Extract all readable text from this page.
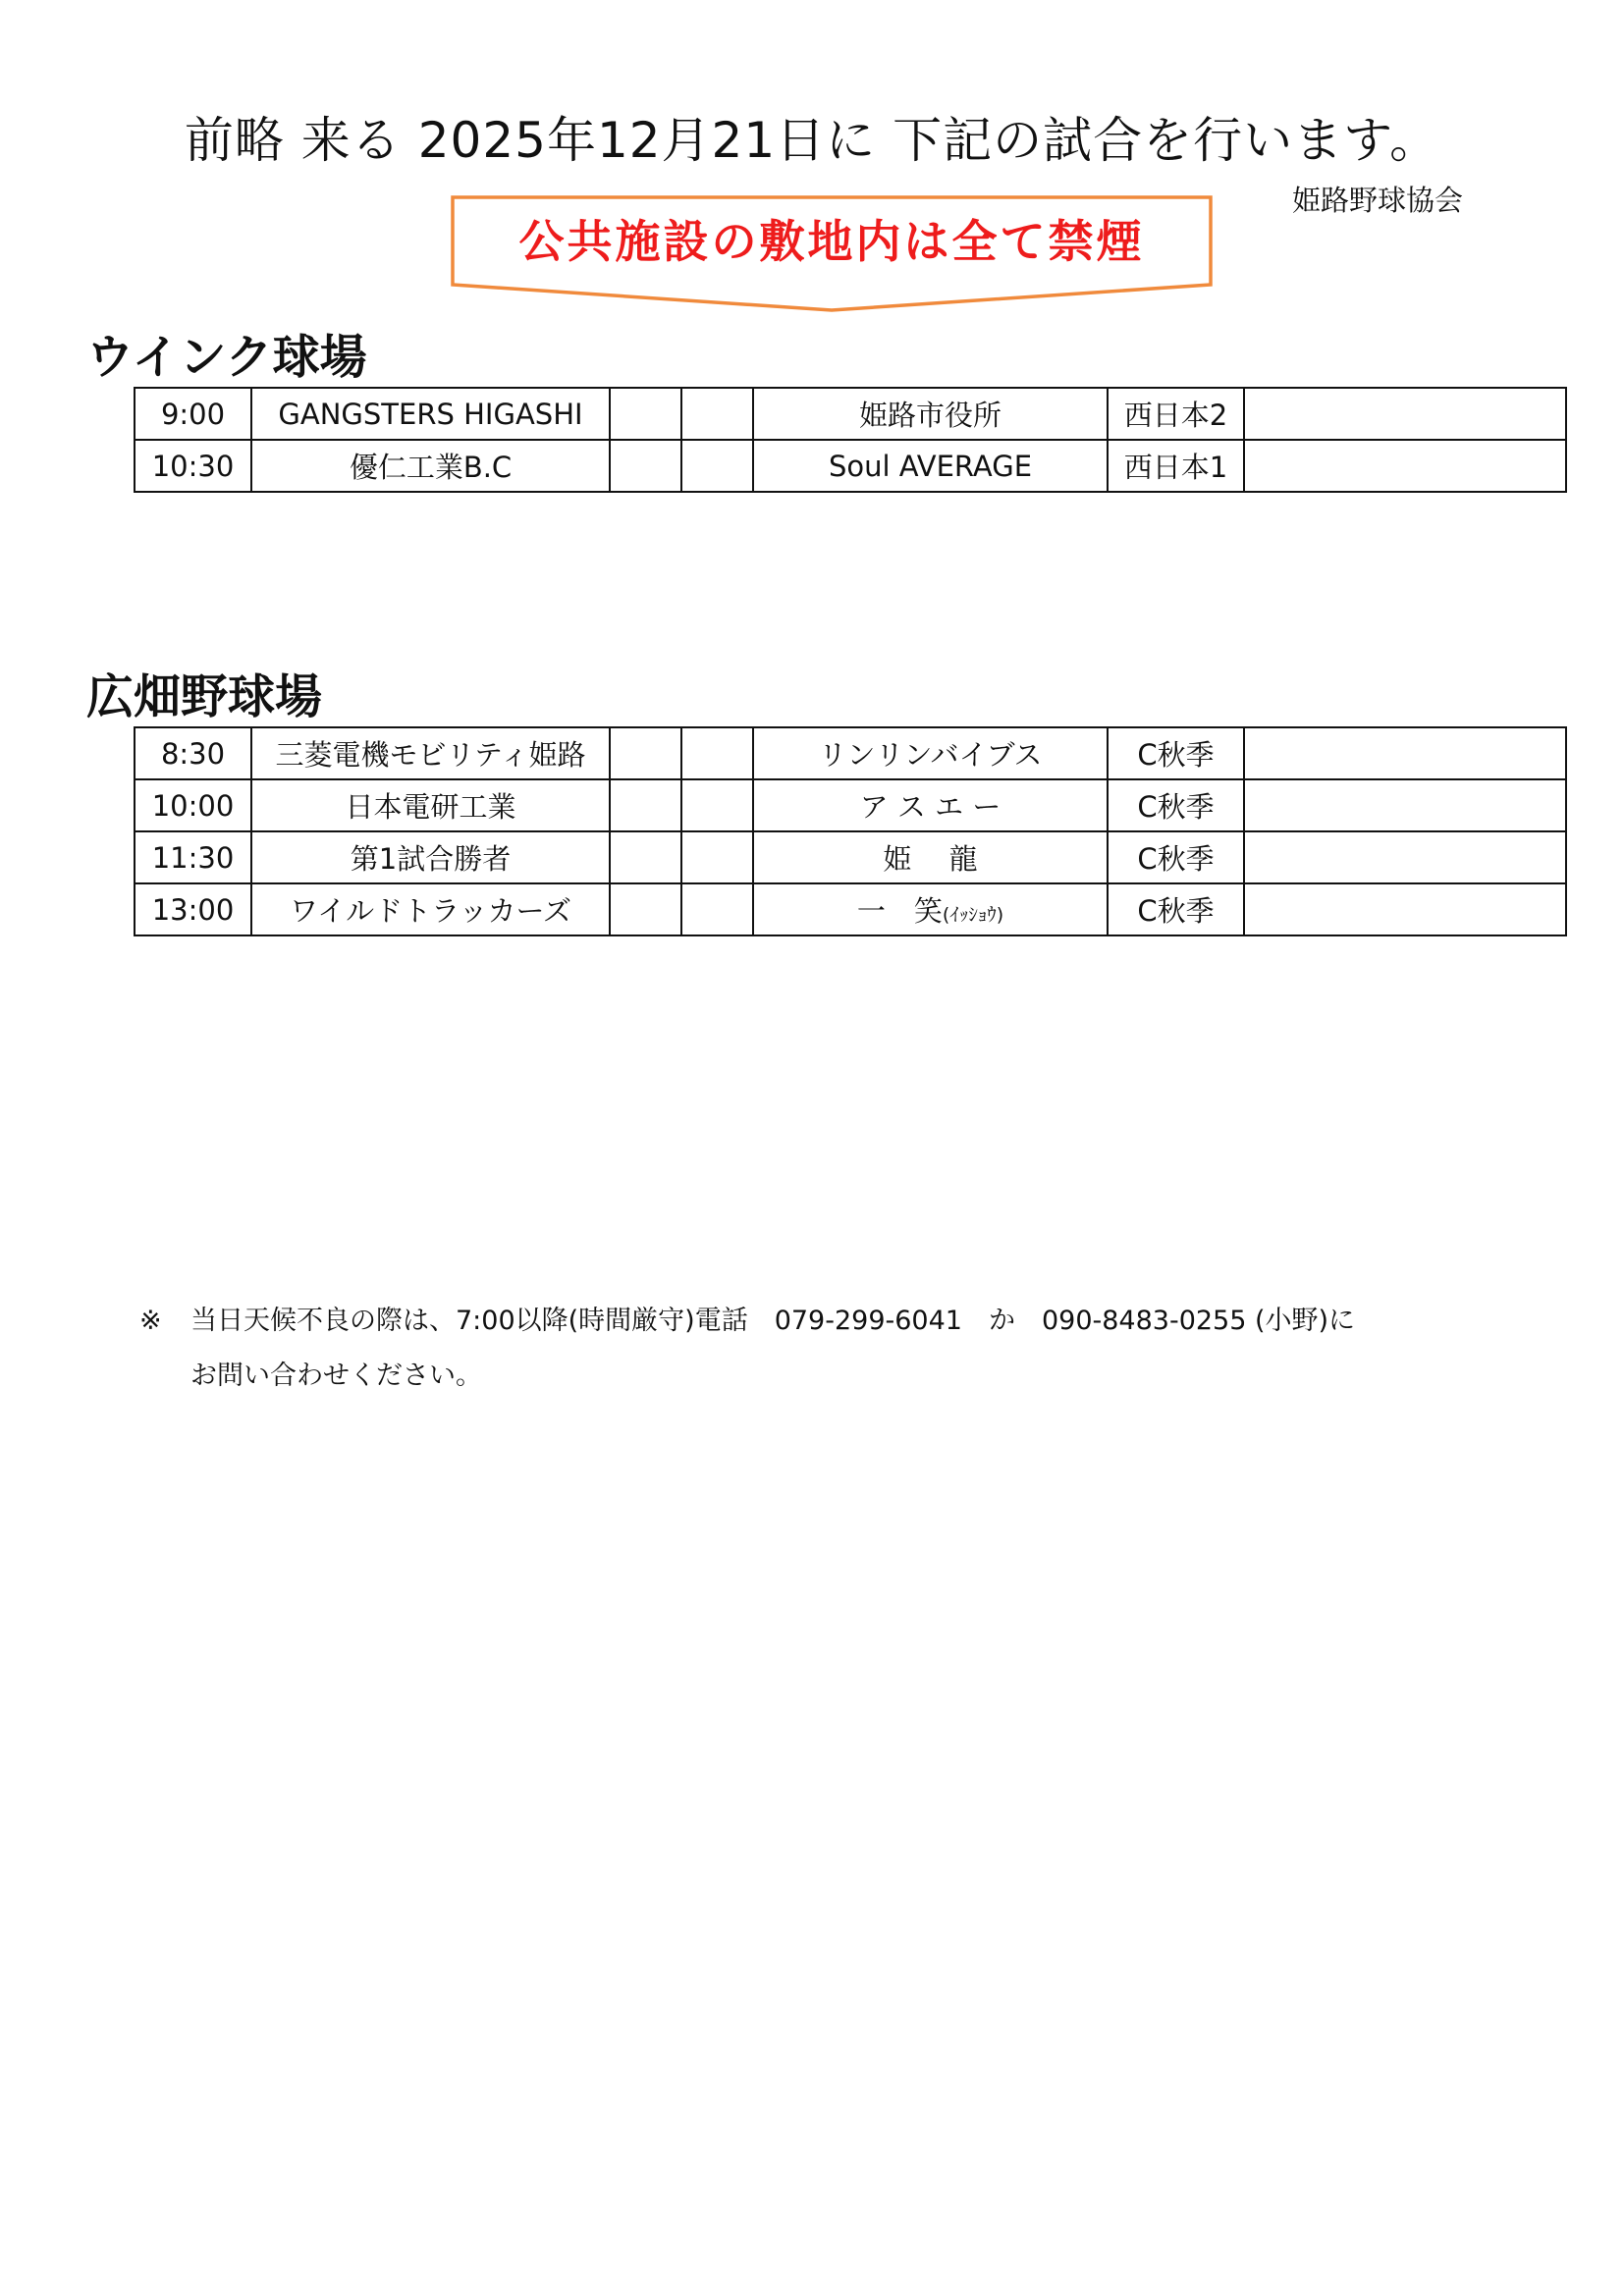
前略 来る 2025年12月21日に 下記の試合を行います。
姫路野球協会
公共施設の敷地内は全て禁煙
ウインク球場
9:00	GANGSTERS HIGASHI			姫路市役所	西日本2	
10:30	優仁工業B.C			Soul AVERAGE	西日本1	
広畑野球場
8:30	三菱電機モビリティ姫路			リンリンバイブス	C秋季	
10:00	日本電研工業			ア ス エ ー	C秋季	
11:30	第1試合勝者			姫　 龍	C秋季	
13:00	ワイルドトラッカーズ			一　笑(ｲｯｼｮｳ)	C秋季	
※ 当日天候不良の際は、7:00以降(時間厳守)電話　079-299-6041　か　090-8483-0255 (小野)に
お問い合わせください。
